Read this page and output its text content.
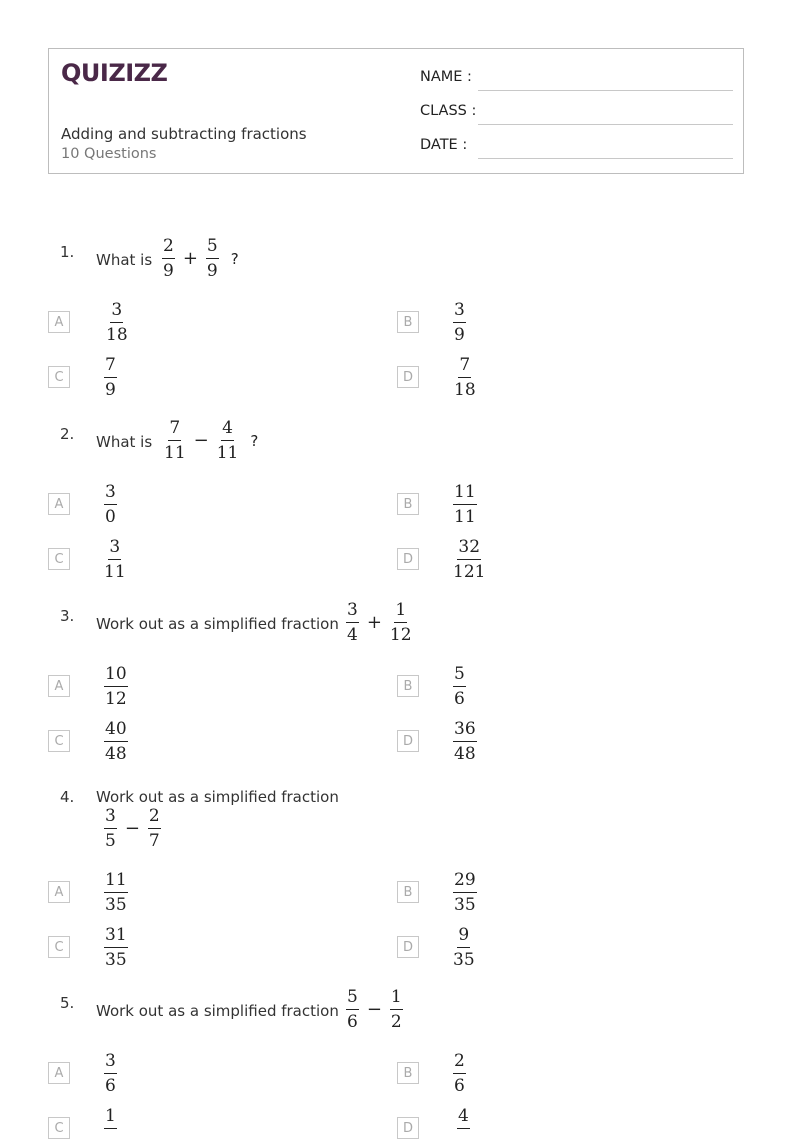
QUIZIZZ
Adding and subtracting fractions
10 Questions
NAME :
CLASS :
DATE :
1. What is $\frac{2}{9} + \frac{5}{9}$ ?
A	$\frac{3}{18}$	B	$\frac{3}{9}$
C	$\frac{7}{9}$	D	$\frac{7}{18}$
2. What is $\frac{7}{11} - \frac{4}{11}$ ?
A	$\frac{3}{0}$	B	$\frac{11}{11}$
C	$\frac{3}{11}$	D	$\frac{32}{121}$
3. Work out as a simplified fraction $\frac{3}{4} + \frac{1}{12}$
A	$\frac{10}{12}$	B	$\frac{5}{6}$
C	$\frac{40}{48}$	D	$\frac{36}{48}$
4. Work out as a simplified fraction
$\frac{3}{5} - \frac{2}{7}$
A	$\frac{11}{35}$	B	$\frac{29}{35}$
C	$\frac{31}{35}$	D	$\frac{9}{35}$
5. Work out as a simplified fraction $\frac{5}{6} - \frac{1}{2}$
A	$\frac{3}{6}$	B	$\frac{2}{6}$
C
1
D
4
